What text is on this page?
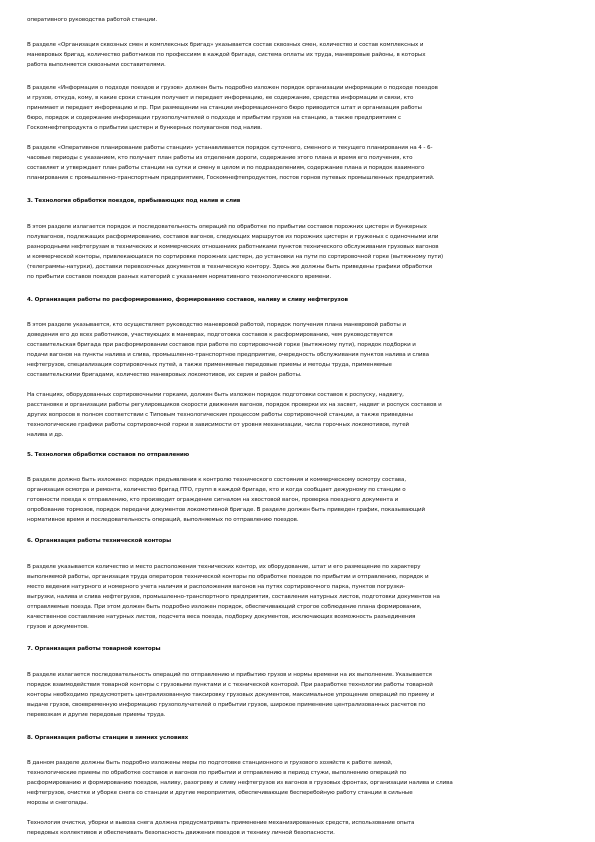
оперативного руководства работой станции.
В разделе «Организация сквозных смен и комплексных бригад» указывается состав сквозных смен, количество и состав комплексных и
маневровых бригад, количество работников по профессиям в каждой бригаде, система оплаты их труда, маневровые районы, в которых
работа выполняется сквозными составителями.
В разделе «Информация о подходе поездов и грузов» должен быть подробно изложен порядок организации информации о подходе поездов
и грузов, откуда, кому, в какие сроки станция получает и передает информацию, ее содержание, средства информации и связи, кто
принимает и передает информацию и пр. При размещении на станции информационного бюро приводится штат и организация работы
бюро, порядок и содержание информации грузополучателей о подходе и прибытии грузов на станцию, а также предприятиям с
Госкомнефтепродукта о прибытии цистерн и бункерных полувагонов под налив.
В разделе «Оперативное планирование работы станции» устанавливается порядок суточного, сменного и текущего планирования на 4 - 6-
часовые периоды с указанием, кто получает план работы из отделения дороги, содержание этого плана и время его получения, кто
составляет и утверждает план работы станции на сутки и смену в целом и по подразделениям, содержание плана и порядок взаимного
планирования с промышленно-транспортным предприятием, Госкомнефтепродуктом, постов горнов путевых промышленных предприятий.
3. Технология обработки поездов, прибывающих под налив и слив
В этом разделе излагается порядок и последовательность операций по обработке по прибытии составов порожних цистерн и бункерных
полувагонов, подлежащих расформированию, составов вагонов, следующих маршрутов из порожних цистерн и груженых с одиночными или
разнородными нефтегрузам в технических и коммерческих отношениях работниками пунктов технического обслуживания грузовых вагонов
и коммерческой конторы, привлекающихся по сортировке порожних цистерн, до установки на пути по сортировочной горке (вытяжному пути)
(телеграммы-натурки), доставки перевозочных документов в техническую контору. Здесь же должны быть приведены графики обработки
по прибытии составов поездов разных категорий с указанием нормативного технологического времени.
4. Организация работы по расформированию, формированию составов, наливу и сливу нефтегрузов
В этом разделе указывается, кто осуществляет руководство маневровой работой, порядок получения плана маневровой работы и
доведения его до всех работников, участвующих в маневрах, подготовка составов к расформированию, чем руководствуется
составительская бригада при расформировании составов при работе по сортировочной горке (вытяжному пути), порядок подборки и
подачи вагонов на пункты налива и слива, промышленно-транспортное предприятие, очередность обслуживания пунктов налива и слива
нефтегрузов, специализация сортировочных путей, а также применяемые передовые приемы и методы труда, применяемые
составительскими бригадами, количество маневровых локомотивов, их серия и район работы.
На станциях, оборудованных сортировочными горками, должен быть изложен порядок подготовки составов к роспуску, надвигу,
расстановке и организации работы регулировщиков скорости движения вагонов, порядок проверки их на засвет, надвиг и роспуск составов и
других вопросов в полном соответствии с Типовым технологическим процессом работы сортировочной станции, а также приведены
технологические графики работы сортировочной горки в зависимости от уровня механизации, числа горочных локомотивов, путей
налива и др.
5. Технология обработки составов по отправлению
В разделе должно быть изложено: порядок предъявления к контролю технического состояния и коммерческому осмотру состава,
организация осмотра и ремонта, количество бригад ПТО, групп в каждой бригаде, кто и когда сообщает дежурному по станции о
готовности поезда к отправлению, кто производит ограждение сигналом на хвостовой вагон, проверка поездного документа и
опробование тормозов, порядок передачи документов локомотивной бригаде. В разделе должен быть приведен график, показывающий
нормативное время и последовательность операций, выполняемых по отправлению поездов.
6. Организация работы технической конторы
В разделе указывается количество и место расположения технических контор, их оборудование, штат и его размещение по характеру
выполняемой работы, организация труда операторов технической конторы по обработке поездов по прибытии и отправлению, порядок и
место ведения натурного и номерного учета наличия и расположения вагонов на путях сортировочного парка, пунктов погрузки-
выгрузки, налива и слива нефтегрузов, промышленно-транспортного предприятия, составления натурных листов, подготовки документов на
отправляемые поезда. При этом должен быть подробно изложен порядок, обеспечивающий строгое соблюдение плана формирования,
качественное составление натурных листов, подсчета веса поезда, подборку документов, исключающих возможность разъединения
грузов и документов.
7. Организация работы товарной конторы
В разделе излагается последовательность операций по отправлению и прибытию грузов и нормы времени на их выполнение. Указывается
порядок взаимодействия товарной конторы с грузовыми пунктами и с технической конторой. При разработке технологии работы товарной
конторы необходимо предусмотреть централизованную таксировку грузовых документов, максимальное упрощение операций по приему и
выдаче грузов, своевременную информацию грузополучателей о прибытии грузов, широкое применение централизованных расчетов по
перевозкам и другие передовые приемы труда.
8. Организация работы станции в зимних условиях
В данном разделе должны быть подробно изложены меры по подготовке станционного и грузового хозяйств к работе зимой,
технологические приемы по обработке составов и вагонов по прибытии и отправлению в период стужи, выполнению операций по
расформированию и формированию поездов, наливу, разогреву и сливу нефтегрузов из вагонов в грузовых фронтах, организации налива и слива
нефтегрузов, очистке и уборке снега со станции и другие мероприятия, обеспечивающие бесперебойную работу станции в сильные
морозы и снегопады.
Технология очистки, уборки и вывоза снега должна предусматривать применение механизированных средств, использование опыта
передовых коллективов и обеспечивать безопасность движения поездов и технику личной безопасности.
